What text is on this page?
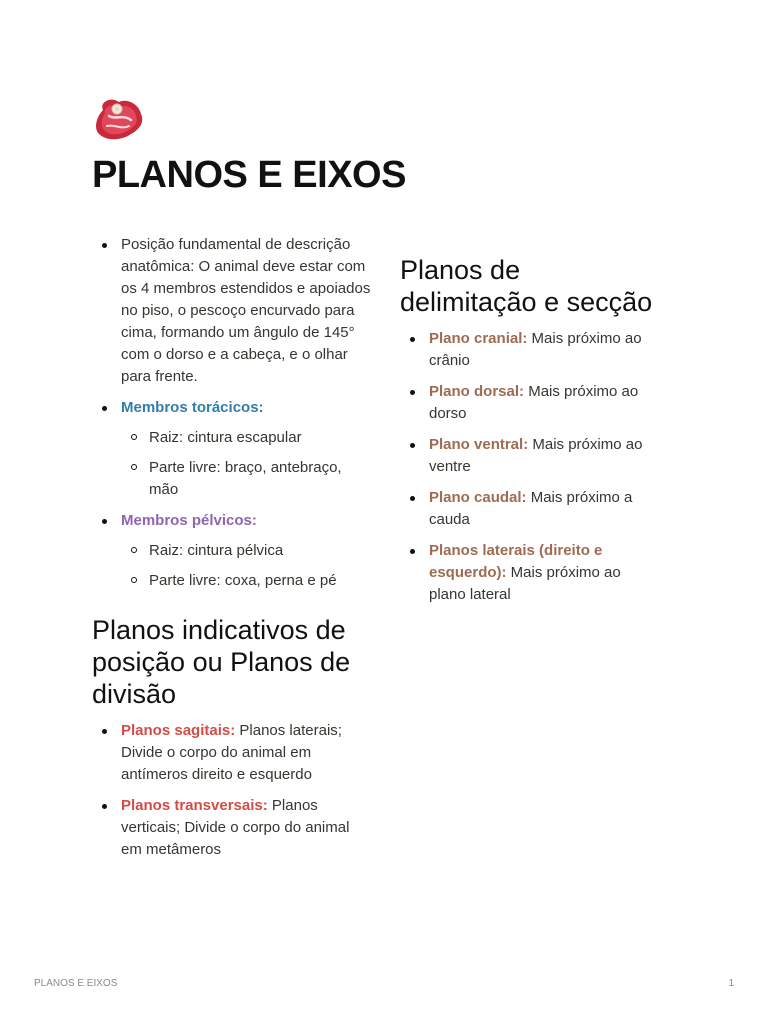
PLANOS E EIXOS
Posição fundamental de descrição anatômica: O animal deve estar com os 4 membros estendidos e apoiados no piso, o pescoço encurvado para cima, formando um ângulo de 145° com o dorso e a cabeça, e o olhar para frente.
Membros torácicos:
Raiz: cintura escapular
Parte livre: braço, antebraço, mão
Membros pélvicos:
Raiz: cintura pélvica
Parte livre: coxa, perna e pé
Planos indicativos de posição ou Planos de divisão
Planos sagitais: Planos laterais; Divide o corpo do animal em antímeros direito e esquerdo
Planos transversais: Planos verticais; Divide o corpo do animal em metâmeros
Planos de delimitação e secção
Plano cranial: Mais próximo ao crânio
Plano dorsal: Mais próximo ao dorso
Plano ventral: Mais próximo ao ventre
Plano caudal: Mais próximo a cauda
Planos laterais (direito e esquerdo): Mais próximo ao plano lateral
PLANOS E EIXOS	1
